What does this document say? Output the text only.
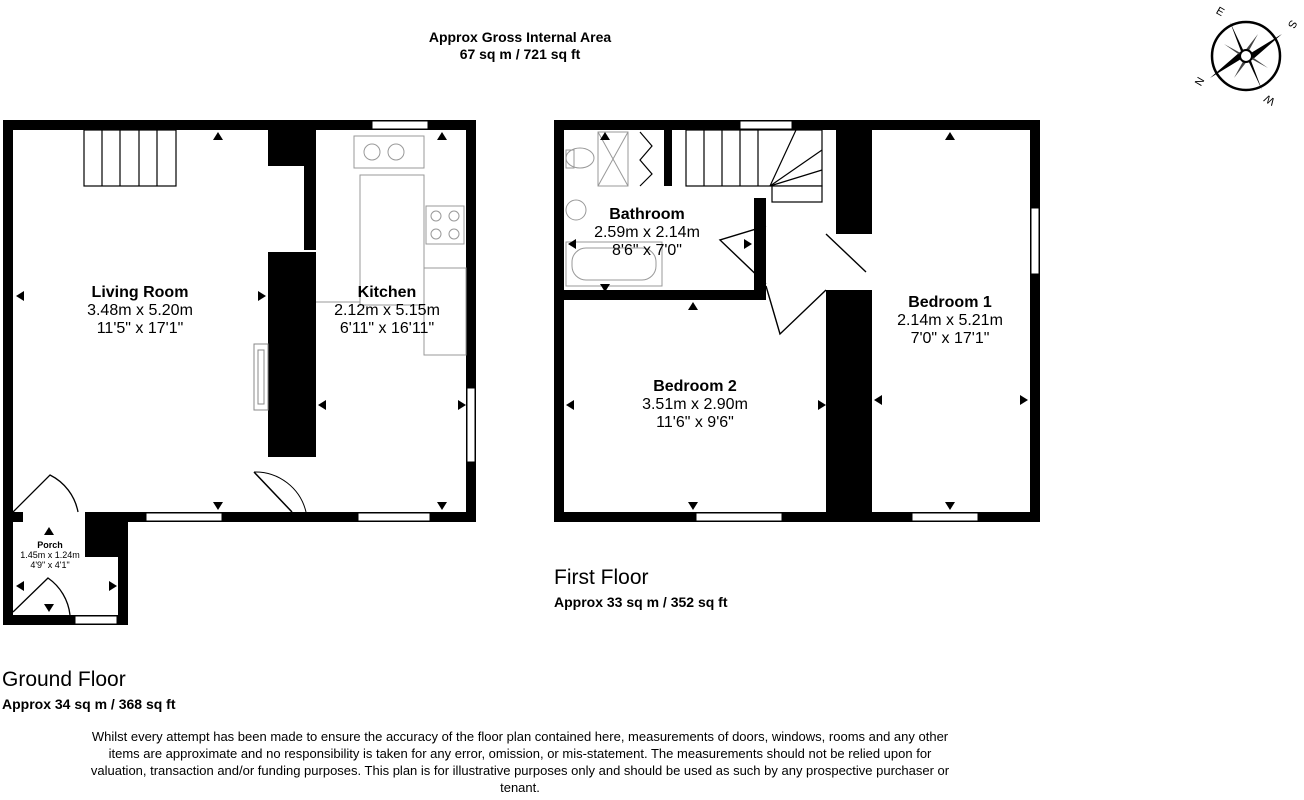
Approx Gross Internal Area
67 sq m / 721 sq ft
N
E
S
W
Living Room
3.48m x 5.20m
11'5" x 17'1"
Kitchen
2.12m x 5.15m
6'11" x 16'11"
Porch
1.45m x 1.24m
4'9" x 4'1"
Bathroom
2.59m x 2.14m
8'6" x 7'0"
Bedroom 2
3.51m x 2.90m
11'6" x 9'6"
Bedroom 1
2.14m x 5.21m
7'0" x 17'1"
First Floor
Approx 33 sq m / 352 sq ft
Ground Floor
Approx 34 sq m / 368 sq ft
Whilst every attempt has been made to ensure the accuracy of the floor plan contained here, measurements of doors, windows, rooms and any other items are approximate and no responsibility is taken for any error, omission, or mis-statement. The measurements should not be relied upon for valuation, transaction and/or funding purposes. This plan is for illustrative purposes only and should be used as such by any prospective purchaser or tenant.
